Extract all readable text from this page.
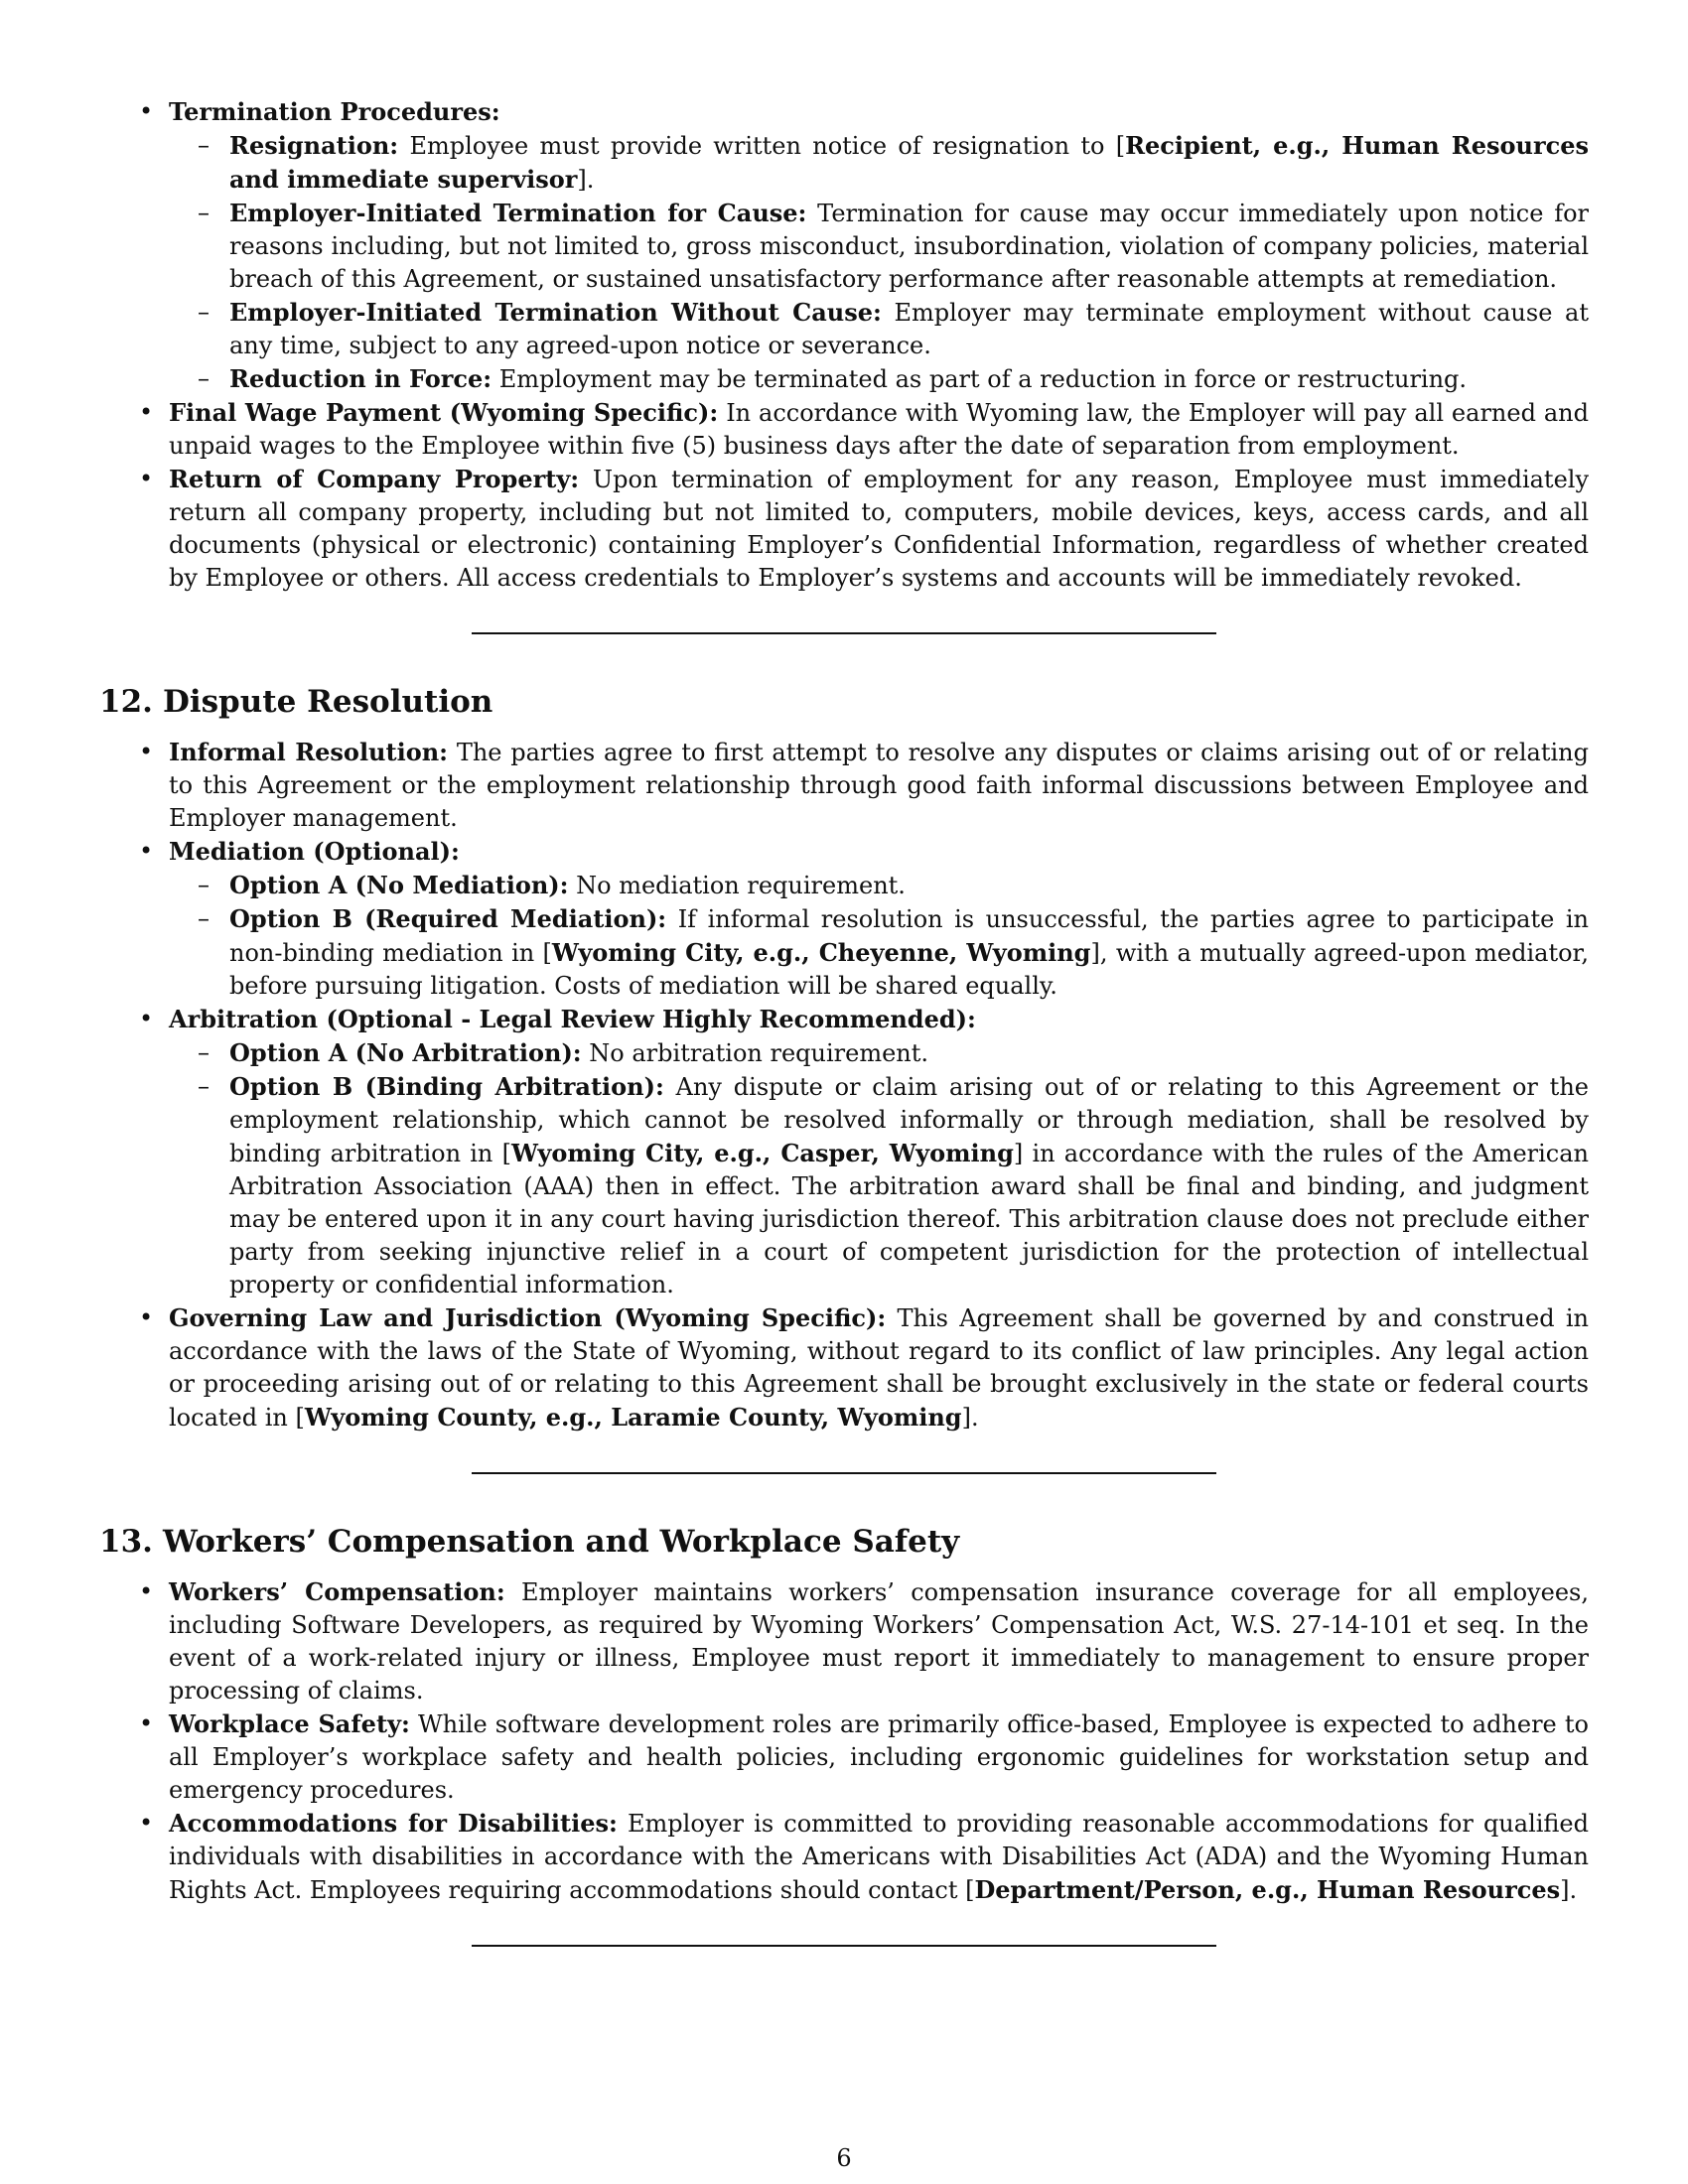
• Termination Procedures:
– Resignation: Employee must provide written notice of resignation to [Recipient, e.g., Human Resources and immediate supervisor].
– Employer-Initiated Termination for Cause: Termination for cause may occur immediately upon notice for reasons including, but not limited to, gross misconduct, insubordination, violation of company policies, material breach of this Agreement, or sustained unsatisfactory performance after reasonable attempts at remediation.
– Employer-Initiated Termination Without Cause: Employer may terminate employment without cause at any time, subject to any agreed-upon notice or severance.
– Reduction in Force: Employment may be terminated as part of a reduction in force or restructuring.
• Final Wage Payment (Wyoming Specific): In accordance with Wyoming law, the Employer will pay all earned and unpaid wages to the Employee within five (5) business days after the date of separation from employment.
• Return of Company Property: Upon termination of employment for any reason, Employee must immediately return all company property, including but not limited to, computers, mobile devices, keys, access cards, and all documents (physical or electronic) containing Employer’s Confidential Information, regardless of whether created by Employee or others. All access credentials to Employer’s systems and accounts will be immediately revoked.
12. Dispute Resolution
• Informal Resolution: The parties agree to first attempt to resolve any disputes or claims arising out of or relating to this Agreement or the employment relationship through good faith informal discussions between Employee and Employer management.
• Mediation (Optional):
– Option A (No Mediation): No mediation requirement.
– Option B (Required Mediation): If informal resolution is unsuccessful, the parties agree to participate in non-binding mediation in [Wyoming City, e.g., Cheyenne, Wyoming], with a mutually agreed-upon mediator, before pursuing litigation. Costs of mediation will be shared equally.
• Arbitration (Optional - Legal Review Highly Recommended):
– Option A (No Arbitration): No arbitration requirement.
– Option B (Binding Arbitration): Any dispute or claim arising out of or relating to this Agreement or the employment relationship, which cannot be resolved informally or through mediation, shall be resolved by binding arbitration in [Wyoming City, e.g., Casper, Wyoming] in accordance with the rules of the American Arbitration Association (AAA) then in effect. The arbitration award shall be final and binding, and judgment may be entered upon it in any court having jurisdiction thereof. This arbitration clause does not preclude either party from seeking injunctive relief in a court of competent jurisdiction for the protection of intellectual property or confidential information.
• Governing Law and Jurisdiction (Wyoming Specific): This Agreement shall be governed by and construed in accordance with the laws of the State of Wyoming, without regard to its conflict of law principles. Any legal action or proceeding arising out of or relating to this Agreement shall be brought exclusively in the state or federal courts located in [Wyoming County, e.g., Laramie County, Wyoming].
13. Workers’ Compensation and Workplace Safety
• Workers’ Compensation: Employer maintains workers’ compensation insurance coverage for all employees, including Software Developers, as required by Wyoming Workers’ Compensation Act, W.S. 27-14-101 et seq. In the event of a work-related injury or illness, Employee must report it immediately to management to ensure proper processing of claims.
• Workplace Safety: While software development roles are primarily office-based, Employee is expected to adhere to all Employer’s workplace safety and health policies, including ergonomic guidelines for workstation setup and emergency procedures.
• Accommodations for Disabilities: Employer is committed to providing reasonable accommodations for qualified individuals with disabilities in accordance with the Americans with Disabilities Act (ADA) and the Wyoming Human Rights Act. Employees requiring accommodations should contact [Department/Person, e.g., Human Resources].
6
